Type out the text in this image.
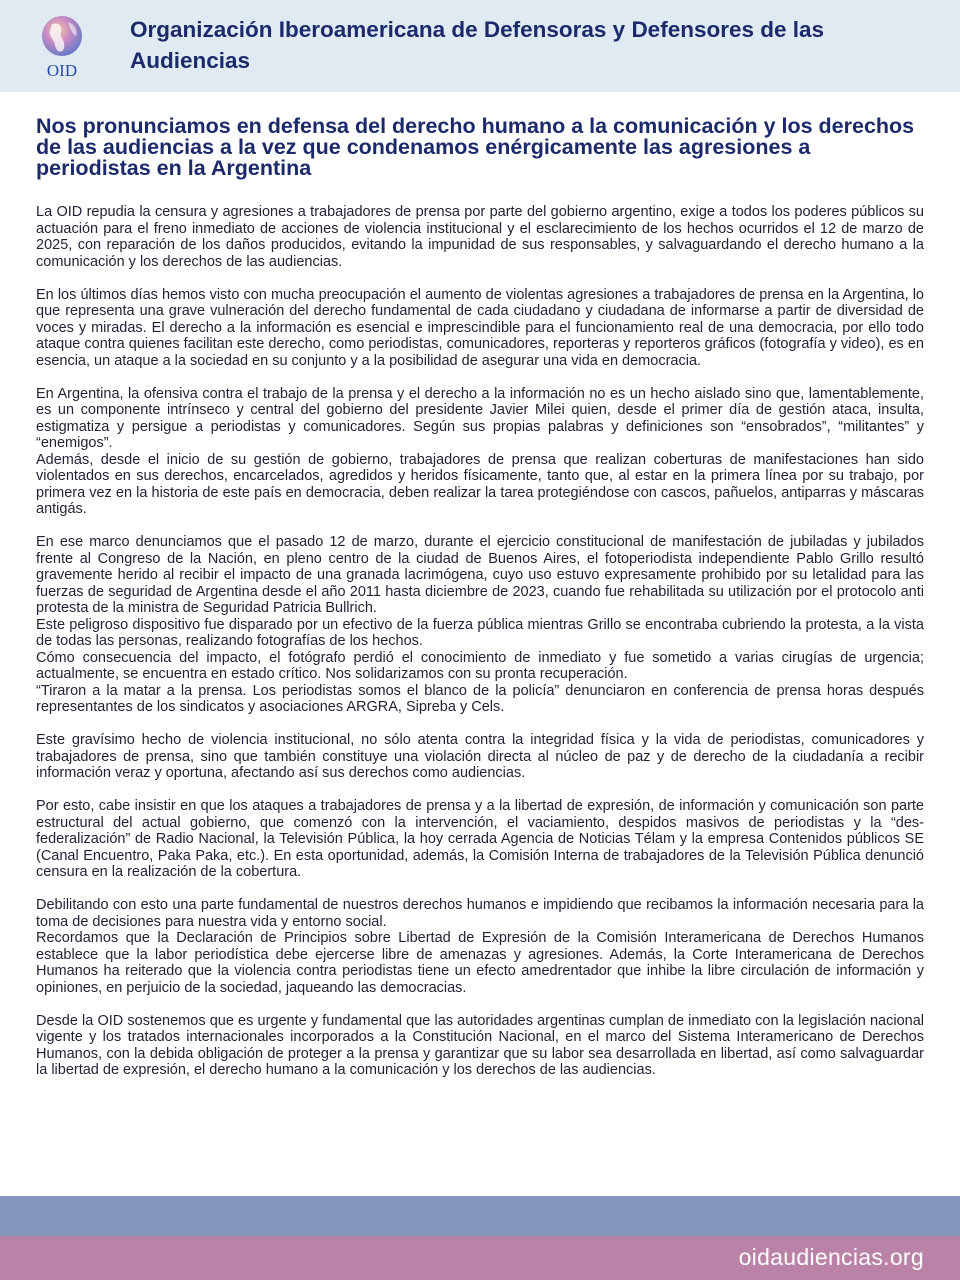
OID
Organización Iberoamericana de Defensoras y Defensores de las Audiencias
Nos pronunciamos en defensa del derecho humano a la comunicación y los derechos de las audiencias a la vez que condenamos enérgicamente las agresiones a periodistas en la Argentina

La OID repudia la censura y agresiones a trabajadores de prensa por parte del gobierno argentino, exige a todos los poderes públicos su actuación para el freno inmediato de acciones de violencia institucional y el esclarecimiento de los hechos ocurridos el 12 de marzo de 2025, con reparación de los daños producidos, evitando la impunidad de sus responsables, y salvaguardando el derecho humano a la comunicación y los derechos de las audiencias.

En los últimos días hemos visto con mucha preocupación el aumento de violentas agresiones a trabajadores de prensa en la Argentina, lo que representa una grave vulneración del derecho fundamental de cada ciudadano y ciudadana de informarse a partir de diversidad de voces y miradas. El derecho a la información es esencial e imprescindible para el funcionamiento real de una democracia, por ello todo ataque contra quienes facilitan este derecho, como periodistas, comunicadores, reporteras y reporteros gráficos (fotografía y video), es en esencia, un ataque a la sociedad en su conjunto y a la posibilidad de asegurar una vida en democracia.

En Argentina, la ofensiva contra el trabajo de la prensa y el derecho a la información no es un hecho aislado sino que, lamentablemente, es un componente intrínseco y central del gobierno del presidente Javier Milei quien, desde el primer día de gestión ataca, insulta, estigmatiza y persigue a periodistas y comunicadores. Según sus propias palabras y definiciones son “ensobrados”, “militantes” y “enemigos”.
Además, desde el inicio de su gestión de gobierno, trabajadores de prensa que realizan coberturas de manifestaciones han sido violentados en sus derechos, encarcelados, agredidos y heridos físicamente, tanto que, al estar en la primera línea por su trabajo, por primera vez en la historia de este país en democracia, deben realizar la tarea protegiéndose con cascos, pañuelos, antiparras y máscaras antigás.

En ese marco denunciamos que el pasado 12 de marzo, durante el ejercicio constitucional de manifestación de jubiladas y jubilados frente al Congreso de la Nación, en pleno centro de la ciudad de Buenos Aires, el fotoperiodista independiente Pablo Grillo resultó gravemente herido al recibir el impacto de una granada lacrimógena, cuyo uso estuvo expresamente prohibido por su letalidad para las fuerzas de seguridad de Argentina desde el año 2011 hasta diciembre de 2023, cuando fue rehabilitada su utilización por el protocolo anti protesta de la ministra de Seguridad Patricia Bullrich.
Este peligroso dispositivo fue disparado por un efectivo de la fuerza pública mientras Grillo se encontraba cubriendo la protesta, a la vista de todas las personas, realizando fotografías de los hechos.
Cómo consecuencia del impacto, el fotógrafo perdió el conocimiento de inmediato y fue sometido a varias cirugías de urgencia; actualmente, se encuentra en estado crítico. Nos solidarizamos con su pronta recuperación.
“Tiraron a la matar a la prensa. Los periodistas somos el blanco de la policía” denunciaron en conferencia de prensa horas después representantes de los sindicatos y asociaciones ARGRA, Sipreba y Cels.

Este gravísimo hecho de violencia institucional, no sólo atenta contra la integridad física y la vida de periodistas, comunicadores y trabajadores de prensa, sino que también constituye una violación directa al núcleo de paz y de derecho de la ciudadanía a recibir información veraz y oportuna, afectando así sus derechos como audiencias.

Por esto, cabe insistir en que los ataques a trabajadores de prensa y a la libertad de expresión, de información y comunicación son parte estructural del actual gobierno, que comenzó con la intervención, el vaciamiento, despidos masivos de periodistas y la “des-federalización” de Radio Nacional, la Televisión Pública, la hoy cerrada Agencia de Noticias Télam y la empresa Contenidos públicos SE (Canal Encuentro, Paka Paka, etc.). En esta oportunidad, además, la Comisión Interna de trabajadores de la Televisión Pública denunció censura en la realización de la cobertura.

Debilitando con esto una parte fundamental de nuestros derechos humanos e impidiendo que recibamos la información necesaria para la toma de decisiones para nuestra vida y entorno social.
Recordamos que la Declaración de Principios sobre Libertad de Expresión de la Comisión Interamericana de Derechos Humanos establece que la labor periodística debe ejercerse libre de amenazas y agresiones. Además, la Corte Interamericana de Derechos Humanos ha reiterado que la violencia contra periodistas tiene un efecto amedrentador que inhibe la libre circulación de información y opiniones, en perjuicio de la sociedad, jaqueando las democracias.

Desde la OID sostenemos que es urgente y fundamental que las autoridades argentinas cumplan de inmediato con la legislación nacional vigente y los tratados internacionales incorporados a la Constitución Nacional, en el marco del Sistema Interamericano de Derechos Humanos, con la debida obligación de proteger a la prensa y garantizar que su labor sea desarrollada en libertad, así como salvaguardar la libertad de expresión, el derecho humano a la comunicación y los derechos de las audiencias.

oidaudiencias.org
